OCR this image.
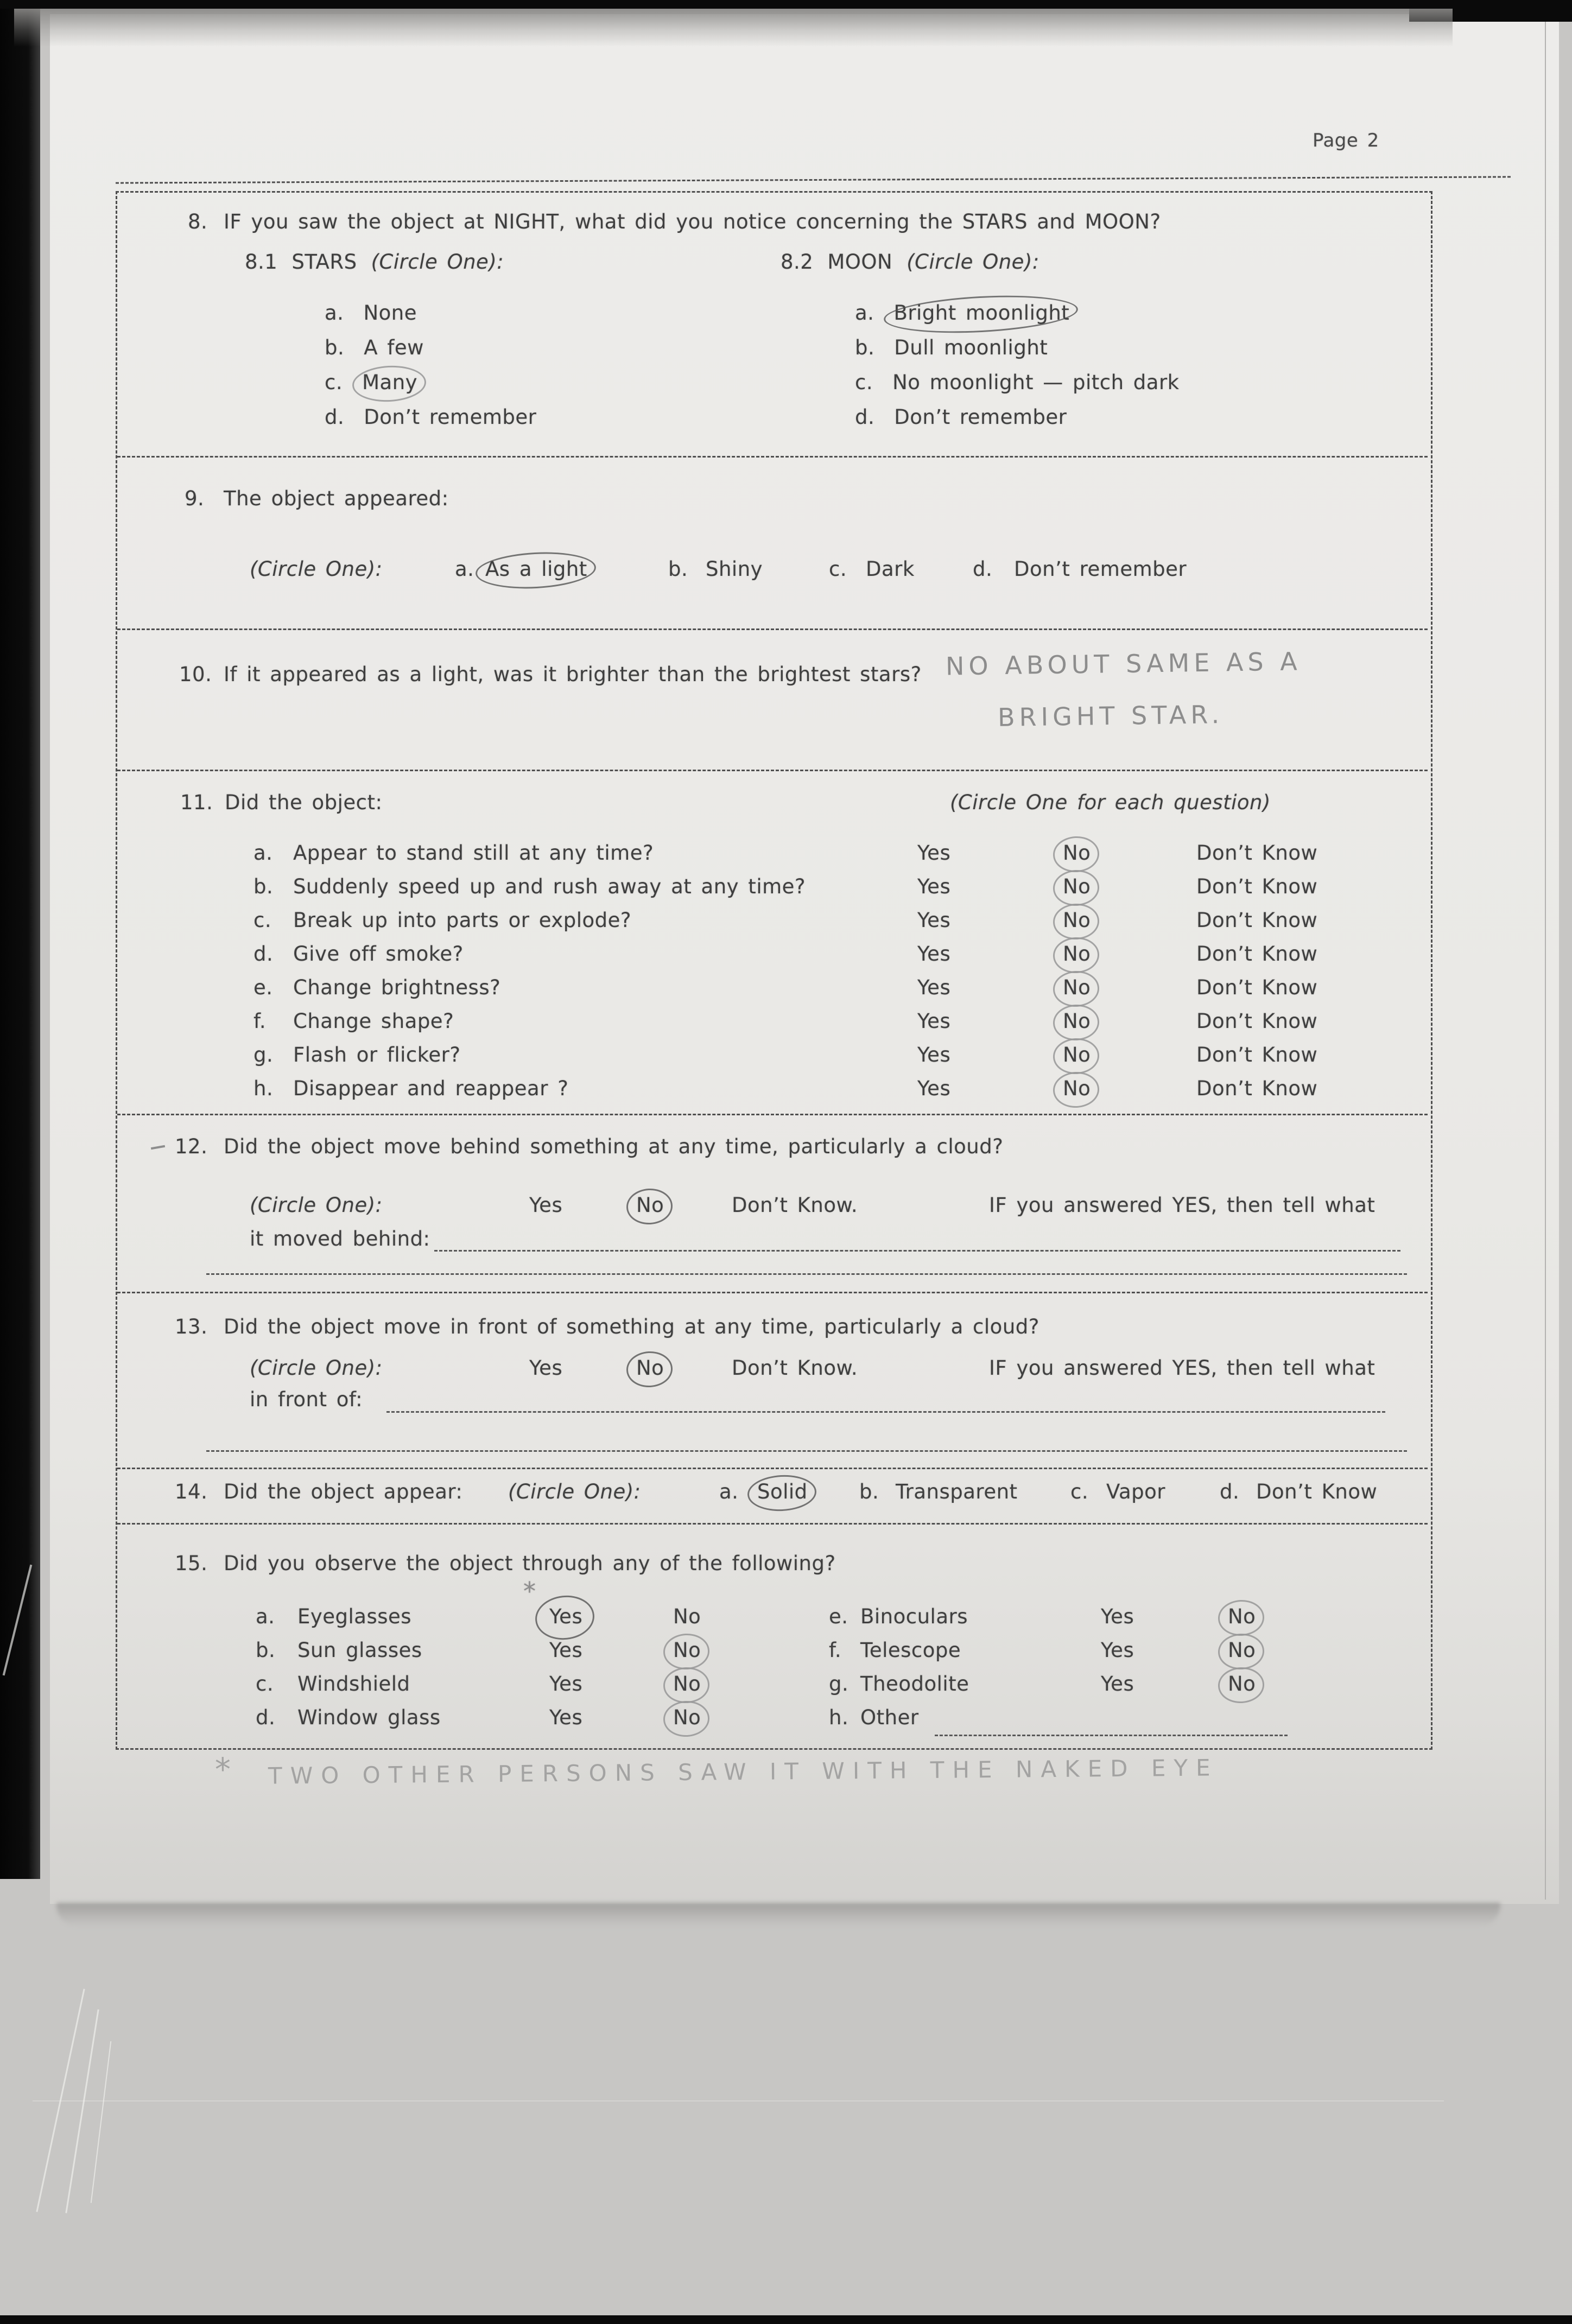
Page 2
8. IF you saw the object at NIGHT, what did you notice concerning the STARS and MOON?
8.1 STARS (Circle One):	8.2 MOON (Circle One):
a. None
b. A few
c. Many
d. Don’t remember
a. Bright moonlight
b. Dull moonlight
c. No moonlight — pitch dark
d. Don’t remember
9. The object appeared:
(Circle One):	a. As a light	b. Shiny	c. Dark	d. Don’t remember
10. If it appeared as a light, was it brighter than the brightest stars? NO ABOUT SAME AS A
BRIGHT STAR.
11. Did the object:	(Circle One for each question)
a. Appear to stand still at any time?	Yes	No	Don’t Know
b. Suddenly speed up and rush away at any time?	Yes	No	Don’t Know
c. Break up into parts or explode?	Yes	No	Don’t Know
d. Give off smoke?	Yes	No	Don’t Know
e. Change brightness?	Yes	No	Don’t Know
f. Change shape?	Yes	No	Don’t Know
g. Flash or flicker?	Yes	No	Don’t Know
h. Disappear and reappear ?	Yes	No	Don’t Know
12. Did the object move behind something at any time, particularly a cloud?
(Circle One):	Yes	No	Don’t Know.	IF you answered YES, then tell what
it moved behind:
13. Did the object move in front of something at any time, particularly a cloud?
(Circle One):	Yes	No	Don’t Know.	IF you answered YES, then tell what
in front of:
14. Did the object appear: (Circle One):	a. Solid	b. Transparent	c. Vapor	d. Don’t Know
15. Did you observe the object through any of the following?
*
a. Eyeglasses	Yes	No	e. Binoculars	Yes	No
b. Sun glasses	Yes	No	f. Telescope	Yes	No
c. Windshield	Yes	No	g. Theodolite	Yes	No
d. Window glass	Yes	No	h. Other
* TWO OTHER PERSONS SAW IT WITH THE NAKED EYE
